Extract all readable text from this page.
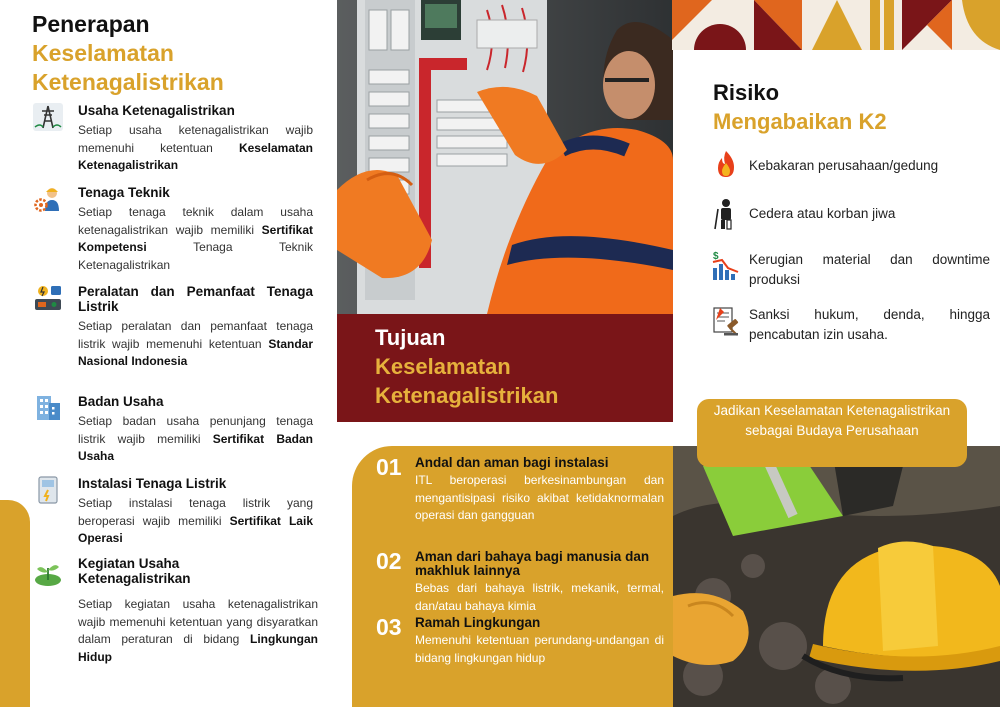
Penerapan
Keselamatan
Ketenagalistrikan
Usaha Ketenagalistrikan
Setiap usaha ketenagalistrikan wajib memenuhi ketentuan Keselamatan Ketenagalistrikan
Tenaga Teknik
Setiap tenaga teknik dalam usaha ketenagalistrikan wajib memiliki Sertifikat Kompetensi Tenaga Teknik Ketenagalistrikan
Peralatan dan Pemanfaat Tenaga Listrik
Setiap peralatan dan pemanfaat tenaga listrik wajib memenuhi ketentuan Standar Nasional Indonesia
Badan Usaha
Setiap badan usaha penunjang tenaga listrik wajib memiliki Sertifikat Badan Usaha
Instalasi Tenaga Listrik
Setiap instalasi tenaga listrik yang beroperasi wajib memiliki Sertifikat Laik Operasi
Kegiatan Usaha Ketenagalistrikan
Setiap kegiatan usaha ketenagalistrikan wajib memenuhi ketentuan yang disyaratkan dalam peraturan di bidang Lingkungan Hidup
Tujuan
Keselamatan
Ketenagalistrikan
01 Andal dan aman bagi instalasi
ITL beroperasi berkesinambungan dan mengantisipasi risiko akibat ketidaknormalan operasi dan gangguan
02 Aman dari bahaya bagi manusia dan makhluk lainnya
Bebas dari bahaya listrik, mekanik, termal, dan/atau bahaya kimia
03 Ramah Lingkungan
Memenuhi ketentuan perundang-undangan di bidang lingkungan hidup
Risiko
Mengabaikan K2
Kebakaran perusahaan/gedung
Cedera atau korban jiwa
$ Kerugian material dan downtime produksi
Sanksi hukum, denda, hingga pencabutan izin usaha.
Jadikan Keselamatan Ketenagalistrikan sebagai Budaya Perusahaan
